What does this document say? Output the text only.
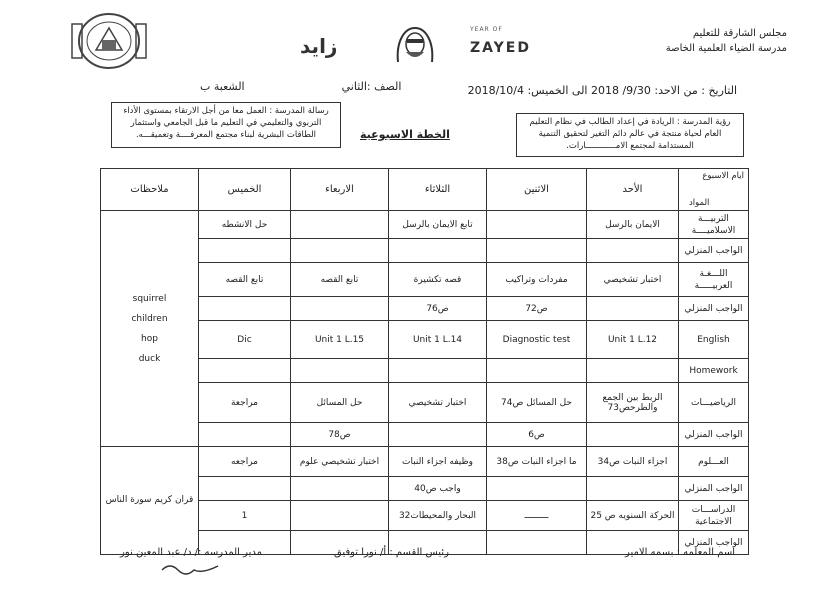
مجلس الشارقة للتعليم
مدرسة الضياء العلمية الخاصة
زايد
YEAR OF
ZAYED
التاريخ : من الاحد: 9/30/ 2018 الى الخميس: 2018/10/4
الصف :الثاني  الشعبة ب
رؤية المدرسة : الريادة في إعداد الطالب في نظام التعليم العام لحياة منتجة في عالم دائم التغير لتحقيق التنمية المستدامة لمجتمع الامــــــــــــارات.
رسالة المدرسة : العمل معا من أجل الارتقاء بمستوى الأداء التربوي والتعليمي في التعليم ما قبل الجامعي واستثمار الطاقات البشرية لبناء مجتمع المعرفــــة وتعميقـــه.	الخطة الاسبوعية
ايام الاسبوع
المواد	الأحد	الاثنين	الثلاثاء	الاربعاء	الخميس	ملاحظات
التربيـــة الاسلاميــــة	الايمان بالرسل		تابع الايمان بالرسل		حل الانشطه	squirrel
children
hop
duck

الواجب المنزلي						
اللـــغـة العربيـــــة	اختبار تشخيصي	مفردات وتراكيب	قصه تكشيرة	تابع القصه	تابع القصه	
الواجب المنزلي		ص72	ص76			
English	Unit 1 L.12	Diagnostic test	Unit 1 L.14	Unit 1 L.15	Dic	
Homework						
الرياضيـــات	الربط بين الجمع والطرحص73	حل المسائل ص74	اختبار تشخيصي	حل المسائل	مراجعة	
الواجب المنزلي		ص6		ص78		
العـــلوم	اجزاء النبات ص34	ما اجزاء النبات ص38	وظيفه اجزاء النبات	اختبار تشخيصي علوم	مراجعه	قران كريم سورة الناس
الواجب المنزلي			واجب ص40			
الدراســـات الاجتماعية	الحركة السنويه ص 25	ـــــــــ	البحار والمحيطات32		1	
الواجب المنزلي						
اسم المعلمه : بسمه الامير
رئيس القسم : أ/ نورا توفيق
مدير المدرسه :/ د/ عبد المعين نور
